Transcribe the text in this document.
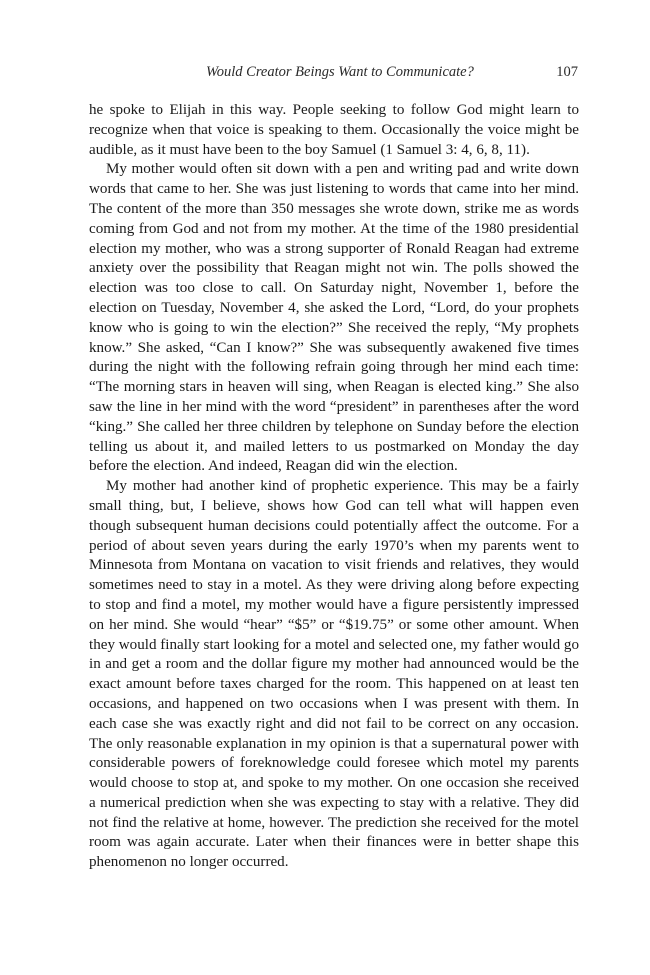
Would Creator Beings Want to Communicate?	107

he spoke to Elijah in this way. People seeking to follow God might learn to recognize when that voice is speaking to them. Occasionally the voice might be audible, as it must have been to the boy Samuel (1 Samuel 3: 4, 6, 8, 11).

My mother would often sit down with a pen and writing pad and write down words that came to her. She was just listening to words that came into her mind. The content of the more than 350 messages she wrote down, strike me as words coming from God and not from my mother. At the time of the 1980 presidential election my mother, who was a strong supporter of Ronald Reagan had extreme anxiety over the possibility that Reagan might not win. The polls showed the election was too close to call. On Saturday night, November 1, before the election on Tuesday, November 4, she asked the Lord, “Lord, do your prophets know who is going to win the election?” She received the reply, “My prophets know.” She asked, “Can I know?” She was subsequently awakened five times during the night with the following refrain going through her mind each time: “The morning stars in heaven will sing, when Reagan is elected king.” She also saw the line in her mind with the word “president” in parentheses after the word “king.” She called her three children by telephone on Sunday before the election telling us about it, and mailed letters to us postmarked on Monday the day before the election. And indeed, Reagan did win the election.

My mother had another kind of prophetic experience. This may be a fairly small thing, but, I believe, shows how God can tell what will happen even though subsequent human decisions could potentially affect the outcome. For a period of about seven years during the early 1970’s when my parents went to Minnesota from Montana on vacation to visit friends and relatives, they would sometimes need to stay in a motel. As they were driving along before expecting to stop and find a motel, my mother would have a figure persistently impressed on her mind. She would “hear” “$5” or “$19.75” or some other amount. When they would finally start looking for a motel and selected one, my father would go in and get a room and the dollar figure my mother had announced would be the exact amount before taxes charged for the room. This happened on at least ten occasions, and happened on two occasions when I was present with them. In each case she was exactly right and did not fail to be correct on any occasion. The only reasonable explanation in my opinion is that a supernatural power with considerable powers of foreknowledge could foresee which motel my parents would choose to stop at, and spoke to my mother. On one occasion she received a numerical prediction when she was expecting to stay with a relative. They did not find the relative at home, however. The prediction she received for the motel room was again accurate. Later when their finances were in better shape this phenomenon no longer occurred.
